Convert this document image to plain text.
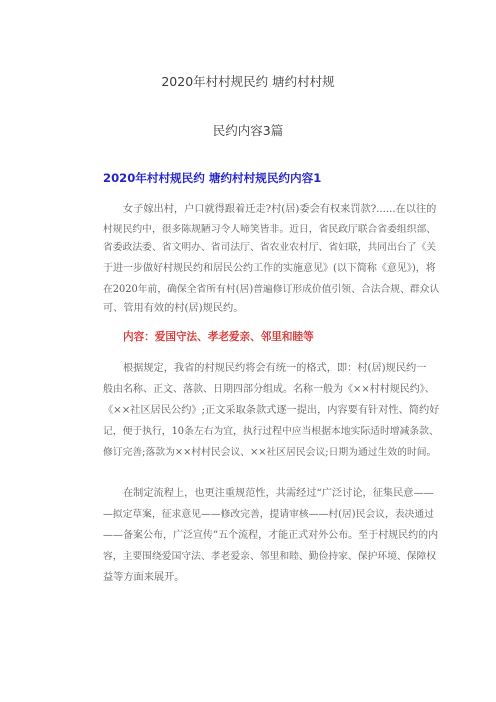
2020年村村规民约 塘约村村规
民约内容3篇
2020年村村规民约 塘约村村规民约内容1
女子嫁出村，户口就得跟着迁走?村(居)委会有权来罚款?......在以往的
村规民约中，很多陈规陋习令人啼笑皆非。近日，省民政厅联合省委组织部、
省委政法委、省文明办、省司法厅、省农业农村厅、省妇联，共同出台了《关
内容：爱国守法、孝老爱亲、邻里和睦等
于进一步做好村规民约和居民公约工作的实施意见》(以下简称《意见》)，将
在2020年前，确保全省所有村(居)普遍修订形成价值引领、合法合规、群众认
可、管用有效的村(居)规民约。
根据规定，我省的村规民约将会有统一的格式，即：村(居)规民约一
般由名称、正文、落款、日期四部分组成。名称一般为《××村村规民约》、
《××社区居民公约》;正文采取条款式逐一提出，内容要有针对性、简约好
记，便于执行，10条左右为宜，执行过程中应当根据本地实际适时增减条款、
修订完善;落款为××村村民会议、××社区居民会议;日期为通过生效的时间。
在制定流程上，也更注重规范性，共需经过“广泛讨论，征集民意——
—拟定草案，征求意见——修改完善，提请审核——村(居)民会议，表决通过
——备案公布，广泛宣传”五个流程，才能正式对外公布。至于村规民约的内
容，主要围绕爱国守法、孝老爱亲、邻里和睦、勤俭持家、保护环境、保障权
益等方面来展开。
